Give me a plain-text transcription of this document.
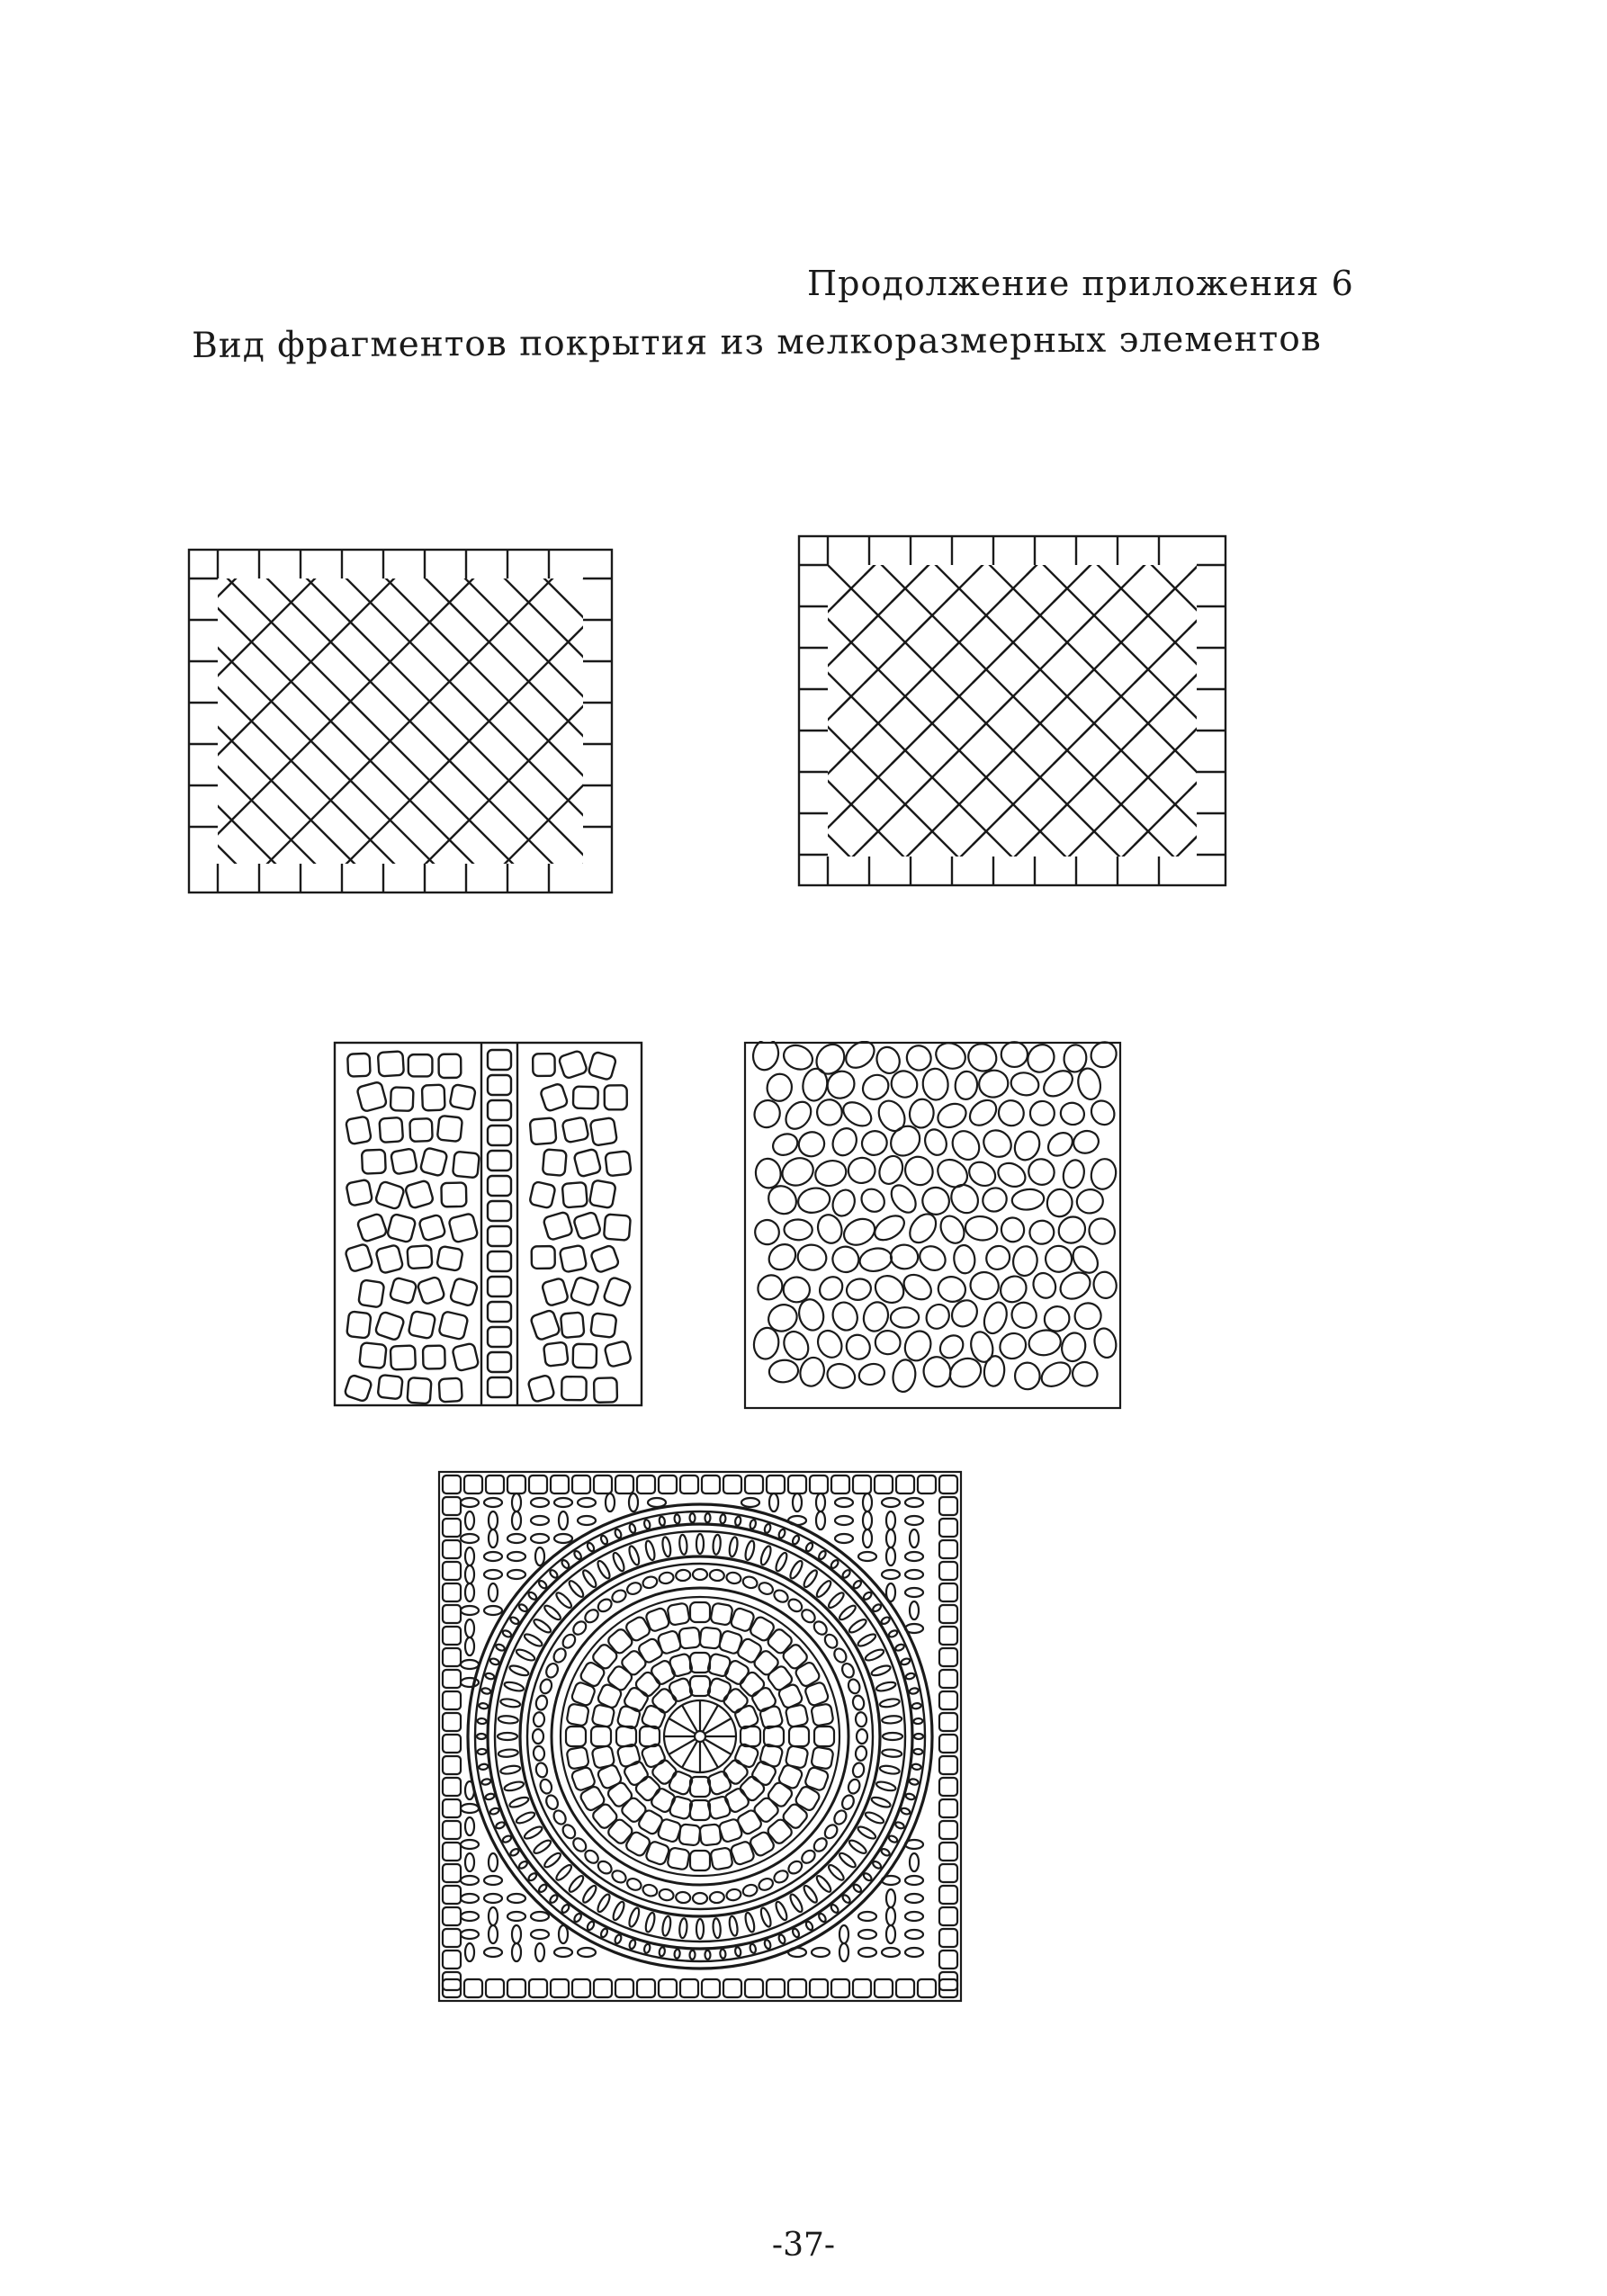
Продолжение приложения 6
Вид фрагментов покрытия из мелкоразмерных элементов
-37-
